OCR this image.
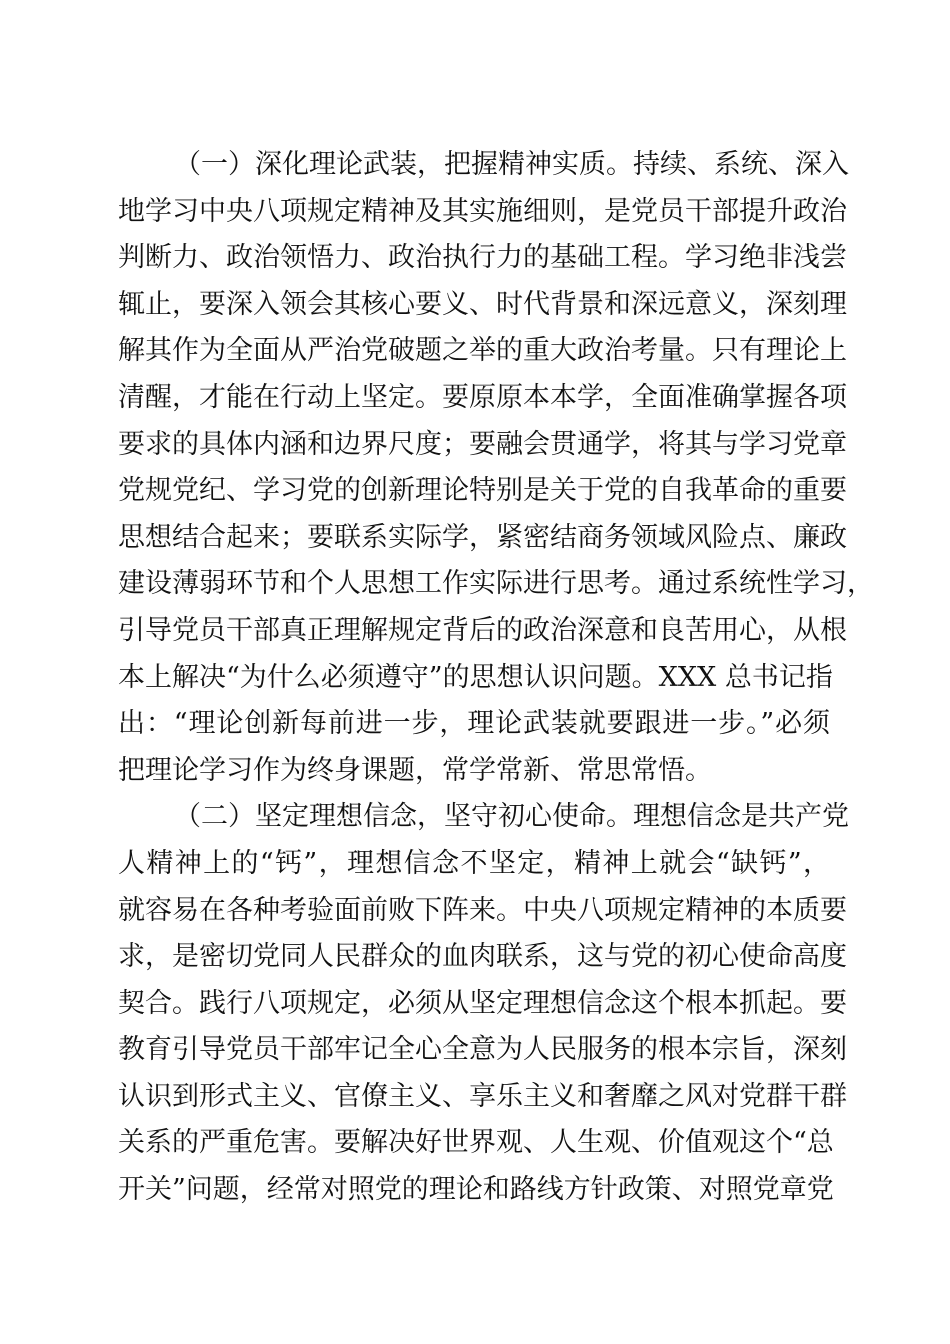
（一）深化理论武装，把握精神实质。持续、系统、深入
地学习中央八项规定精神及其实施细则，是党员干部提升政治
判断力、政治领悟力、政治执行力的基础工程。学习绝非浅尝
辄止，要深入领会其核心要义、时代背景和深远意义，深刻理
解其作为全面从严治党破题之举的重大政治考量。只有理论上
清醒，才能在行动上坚定。要原原本本学，全面准确掌握各项
要求的具体内涵和边界尺度；要融会贯通学，将其与学习党章
党规党纪、学习党的创新理论特别是关于党的自我革命的重要
思想结合起来；要联系实际学，紧密结商务领域风险点、廉政
建设薄弱环节和个人思想工作实际进行思考。通过系统性学习，
引导党员干部真正理解规定背后的政治深意和良苦用心，从根
本上解决“为什么必须遵守”的思想认识问题。XXX 总书记指
出：“理论创新每前进一步，理论武装就要跟进一步。”必须
把理论学习作为终身课题，常学常新、常思常悟。
（二）坚定理想信念，坚守初心使命。理想信念是共产党
人精神上的“钙”，理想信念不坚定，精神上就会“缺钙”，
就容易在各种考验面前败下阵来。中央八项规定精神的本质要
求，是密切党同人民群众的血肉联系，这与党的初心使命高度
契合。践行八项规定，必须从坚定理想信念这个根本抓起。要
教育引导党员干部牢记全心全意为人民服务的根本宗旨，深刻
认识到形式主义、官僚主义、享乐主义和奢靡之风对党群干群
关系的严重危害。要解决好世界观、人生观、价值观这个“总
开关”问题，经常对照党的理论和路线方针政策、对照党章党
